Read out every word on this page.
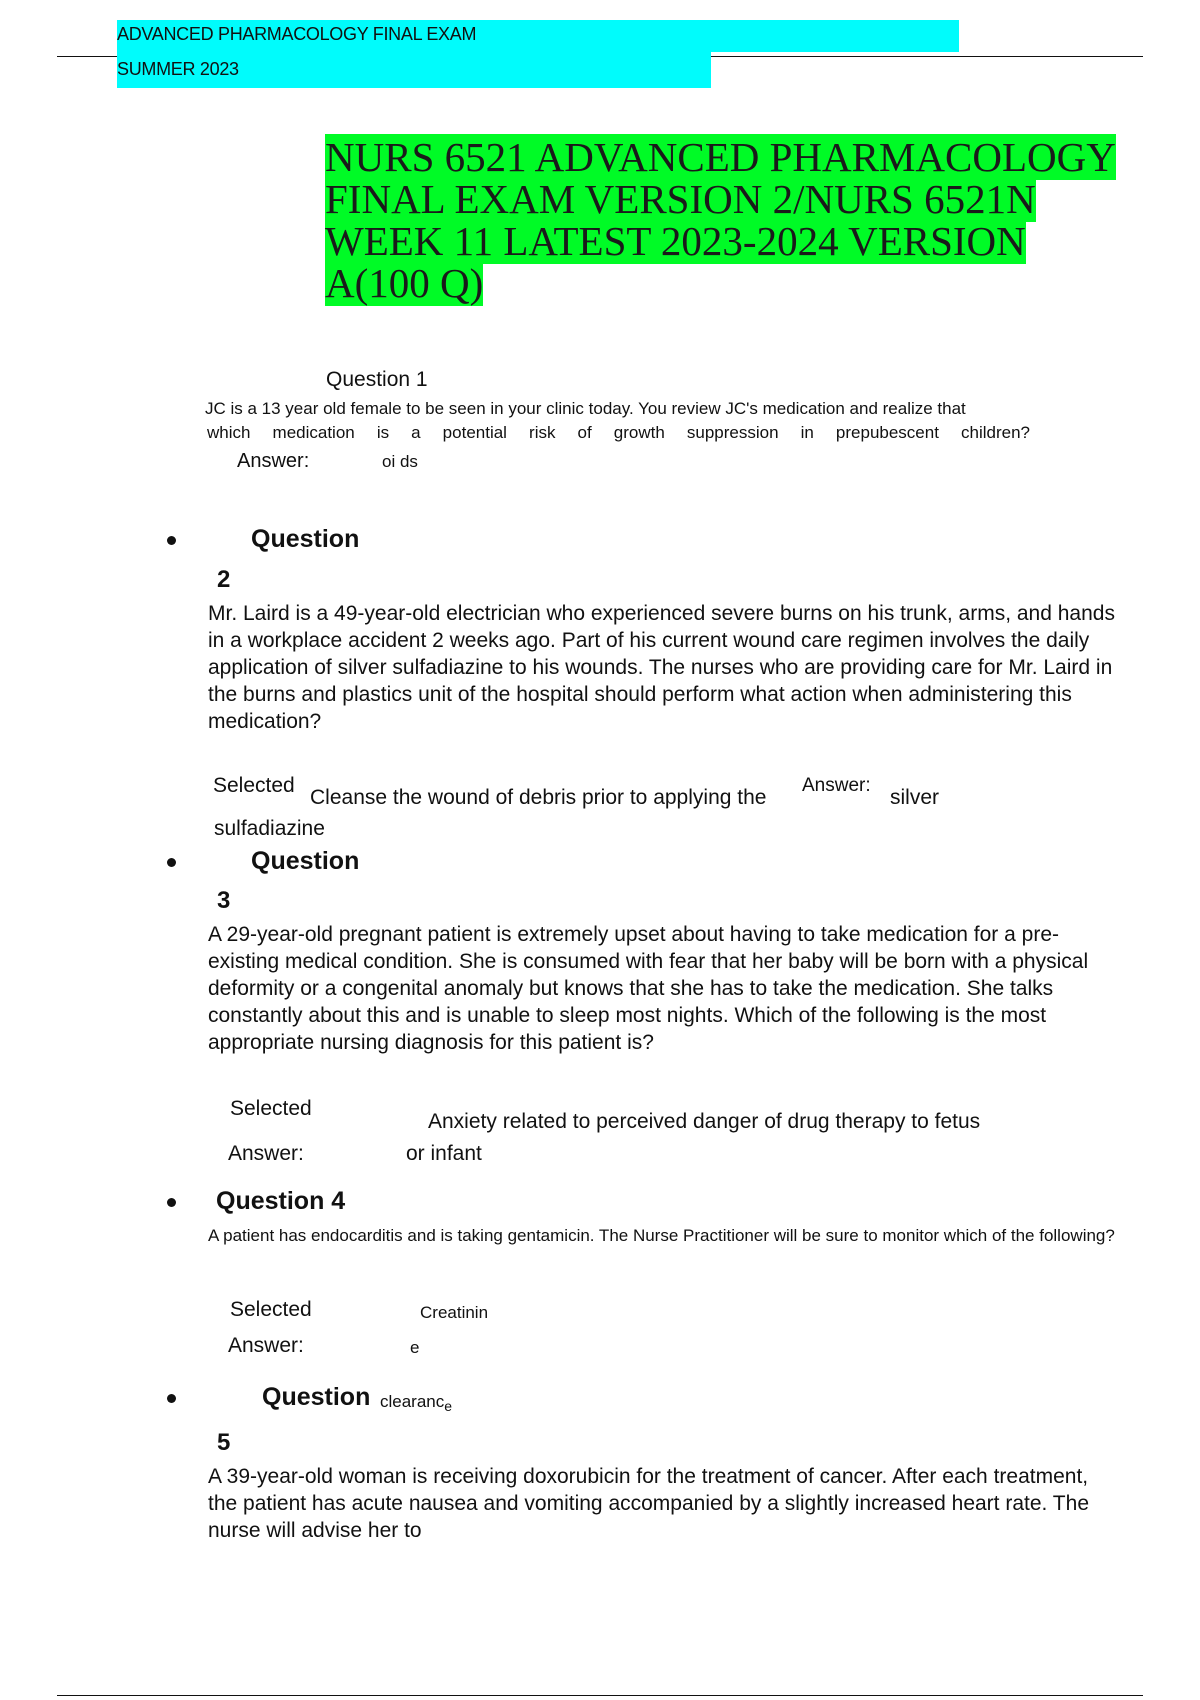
ADVANCED PHARMACOLOGY FINAL EXAM
SUMMER 2023
NURS 6521 ADVANCED PHARMACOLOGY FINAL EXAM VERSION 2/NURS 6521N WEEK 11 LATEST 2023-2024 VERSION A(100 Q)
Question 1
JC is a 13 year old female to be seen in your clinic today. You review JC's medication and realize that
which medication is a potential risk of growth suppression in prepubescent children?
Answer:	oi ds
Question
2
Mr. Laird is a 49-year-old electrician who experienced severe burns on his trunk, arms, and hands in a workplace accident 2 weeks ago. Part of his current wound care regimen involves the daily application of silver sulfadiazine to his wounds. The nurses who are providing care for Mr. Laird in the burns and plastics unit of the hospital should perform what action when administering this medication?
Selected
Cleanse the wound of debris prior to applying the
Answer:
silver
sulfadiazine
Question
3
A 29-year-old pregnant patient is extremely upset about having to take medication for a pre-existing medical condition. She is consumed with fear that her baby will be born with a physical deformity or a congenital anomaly but knows that she has to take the medication. She talks constantly about this and is unable to sleep most nights. Which of the following is the most appropriate nursing diagnosis for this patient is?
Selected
Anxiety related to perceived danger of drug therapy to fetus
Answer:	or infant
Question 4
A patient has endocarditis and is taking gentamicin. The Nurse Practitioner will be sure to monitor which of the following?
Selected	Creatinin
Answer:	e
Question clearanc$_e$
5
A 39-year-old woman is receiving doxorubicin for the treatment of cancer. After each treatment, the patient has acute nausea and vomiting accompanied by a slightly increased heart rate. The nurse will advise her to
